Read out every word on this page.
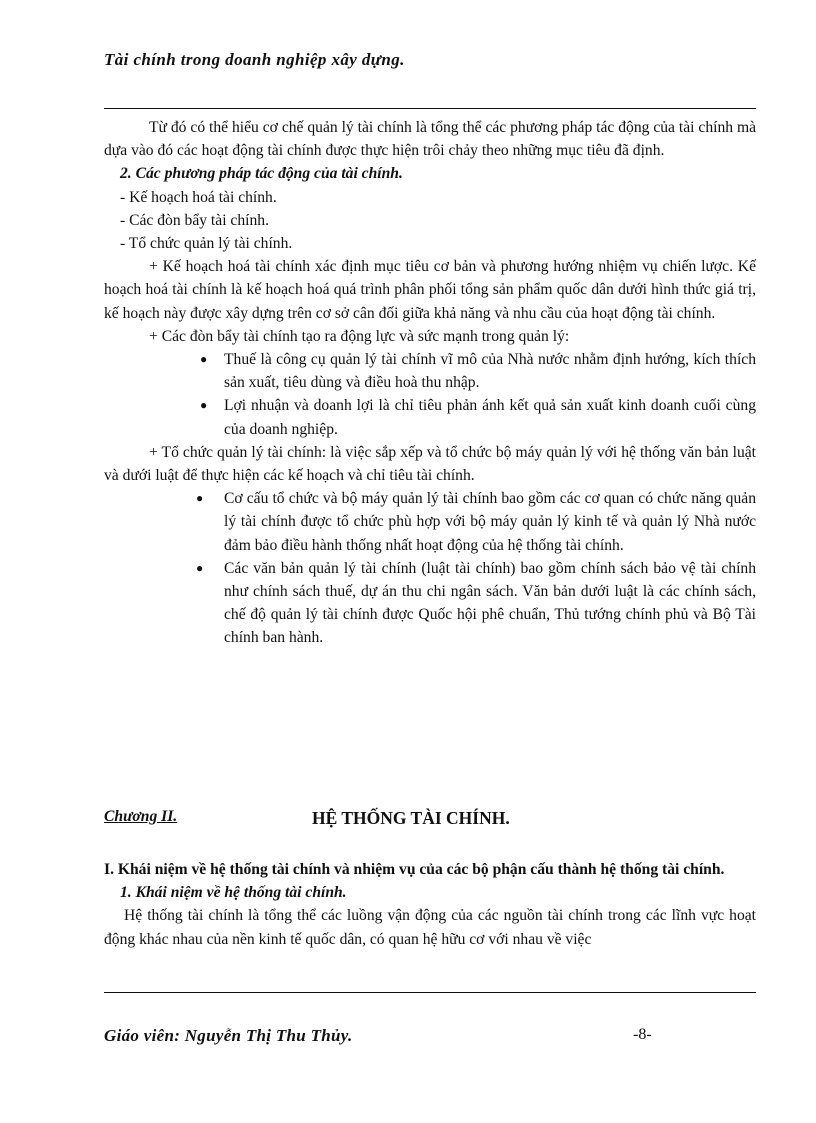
Tài chính trong doanh nghiệp xây dựng.

Từ đó có thể hiểu cơ chế quản lý tài chính là tổng thể các phương pháp tác động của tài chính mà dựa vào đó các hoạt động tài chính được thực hiện trôi chảy theo những mục tiêu đã định.

2. Các phương pháp tác động của tài chính.

- Kế hoạch hoá tài chính.

- Các đòn bẩy tài chính.

- Tổ chức quản lý tài chính.

+ Kế hoạch hoá tài chính xác định mục tiêu cơ bản và phương hướng nhiệm vụ chiến lược. Kế hoạch hoá tài chính là kế hoạch hoá quá trình phân phối tổng sản phẩm quốc dân dưới hình thức giá trị, kế hoạch này được xây dựng trên cơ sở cân đối giữa khả năng và nhu cầu của hoạt động tài chính.

+ Các đòn bẩy tài chính tạo ra động lực và sức mạnh trong quản lý:

● Thuế là công cụ quản lý tài chính vĩ mô của Nhà nước nhằm định hướng, kích thích sản xuất, tiêu dùng và điều hoà thu nhập.
● Lợi nhuận và doanh lợi là chỉ tiêu phản ánh kết quả sản xuất kinh doanh cuối cùng của doanh nghiệp.

+ Tổ chức quản lý tài chính: là việc sắp xếp và tổ chức bộ máy quản lý với hệ thống văn bản luật và dưới luật để thực hiện các kế hoạch và chỉ tiêu tài chính.

● Cơ cấu tổ chức và bộ máy quản lý tài chính bao gồm các cơ quan có chức năng quản lý tài chính được tổ chức phù hợp với bộ máy quản lý kinh tế và quản lý Nhà nước đảm bảo điều hành thống nhất hoạt động của hệ thống tài chính.
● Các văn bản quản lý tài chính (luật tài chính) bao gồm chính sách bảo vệ tài chính như chính sách thuế, dự án thu chi ngân sách. Văn bản dưới luật là các chính sách, chế độ quản lý tài chính được Quốc hội phê chuẩn, Thủ tướng chính phủ và Bộ Tài chính ban hành.
Chương II.	HỆ THỐNG TÀI CHÍNH.

I. Khái niệm về hệ thống tài chính và nhiệm vụ của các bộ phận cấu thành hệ thống tài chính.

1. Khái niệm về hệ thống tài chính.

Hệ thống tài chính là tổng thể các luồng vận động của các nguồn tài chính trong các lĩnh vực hoạt động khác nhau của nền kinh tế quốc dân, có quan hệ hữu cơ với nhau về việc

Giáo viên: Nguyễn Thị Thu Thủy.	-8-
